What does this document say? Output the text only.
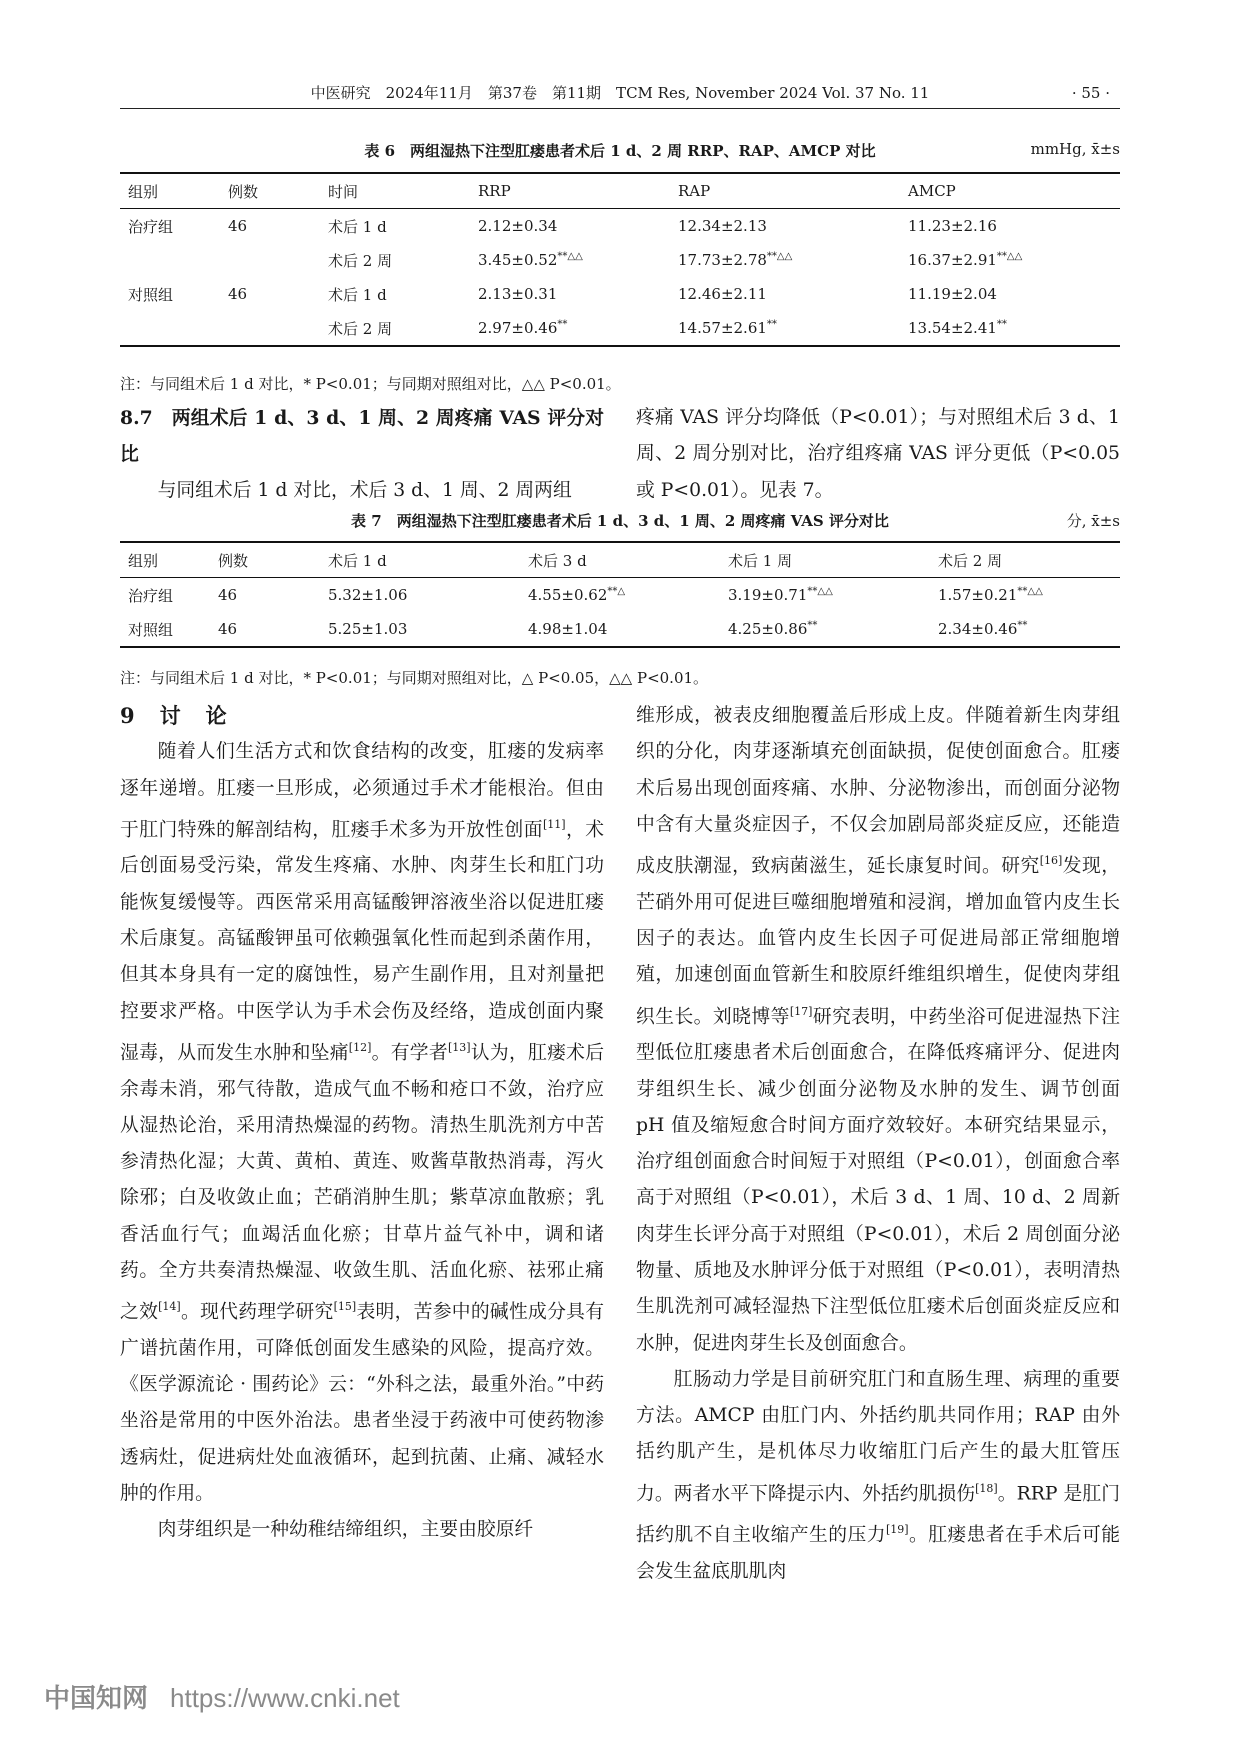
中医研究　2024年11月　第37卷　第11期　TCM Res, November 2024 Vol. 37 No. 11	· 55 ·
表 6　两组湿热下注型肛瘘患者术后 1 d、2 周 RRP、RAP、AMCP 对比	mmHg, x̄±s
组别	例数	时间	RRP	RAP	AMCP
治疗组	46	术后 1 d	2.12±0.34	12.34±2.13	11.23±2.16
		术后 2 周	3.45±0.52**△△	17.73±2.78**△△	16.37±2.91**△△
对照组	46	术后 1 d	2.13±0.31	12.46±2.11	11.19±2.04
		术后 2 周	2.97±0.46**	14.57±2.61**	13.54±2.41**
注：与同组术后 1 d 对比，* P<0.01；与同期对照组对比，△△ P<0.01。

8.7　两组术后 1 d、3 d、1 周、2 周疼痛 VAS 评分对比

与同组术后 1 d 对比，术后 3 d、1 周、2 周两组

疼痛 VAS 评分均降低（P<0.01）；与对照组术后 3 d、1 周、2 周分别对比，治疗组疼痛 VAS 评分更低（P<0.05 或 P<0.01）。见表 7。

表 7　两组湿热下注型肛瘘患者术后 1 d、3 d、1 周、2 周疼痛 VAS 评分对比	分, x̄±s
组别	例数	术后 1 d	术后 3 d	术后 1 周	术后 2 周
治疗组	46	5.32±1.06	4.55±0.62**△	3.19±0.71**△△	1.57±0.21**△△
对照组	46	5.25±1.03	4.98±1.04	4.25±0.86**	2.34±0.46**
注：与同组术后 1 d 对比，* P<0.01；与同期对照组对比，△ P<0.05，△△ P<0.01。

9　讨　论

随着人们生活方式和饮食结构的改变，肛瘘的发病率逐年递增。肛瘘一旦形成，必须通过手术才能根治。但由于肛门特殊的解剖结构，肛瘘手术多为开放性创面[11]，术后创面易受污染，常发生疼痛、水肿、肉芽生长和肛门功能恢复缓慢等。西医常采用高锰酸钾溶液坐浴以促进肛瘘术后康复。高锰酸钾虽可依赖强氧化性而起到杀菌作用，但其本身具有一定的腐蚀性，易产生副作用，且对剂量把控要求严格。中医学认为手术会伤及经络，造成创面内聚湿毒，从而发生水肿和坠痛[12]。有学者[13]认为，肛瘘术后余毒未消，邪气待散，造成气血不畅和疮口不敛，治疗应从湿热论治，采用清热燥湿的药物。清热生肌洗剂方中苦参清热化湿；大黄、黄柏、黄连、败酱草散热消毒，泻火除邪；白及收敛止血；芒硝消肿生肌；紫草凉血散瘀；乳香活血行气；血竭活血化瘀；甘草片益气补中，调和诸药。全方共奏清热燥湿、收敛生肌、活血化瘀、祛邪止痛之效[14]。现代药理学研究[15]表明，苦参中的碱性成分具有广谱抗菌作用，可降低创面发生感染的风险，提高疗效。《医学源流论 · 围药论》云：“外科之法，最重外治。”中药坐浴是常用的中医外治法。患者坐浸于药液中可使药物渗透病灶，促进病灶处血液循环，起到抗菌、止痛、减轻水肿的作用。

肉芽组织是一种幼稚结缔组织，主要由胶原纤

维形成，被表皮细胞覆盖后形成上皮。伴随着新生肉芽组织的分化，肉芽逐渐填充创面缺损，促使创面愈合。肛瘘术后易出现创面疼痛、水肿、分泌物渗出，而创面分泌物中含有大量炎症因子，不仅会加剧局部炎症反应，还能造成皮肤潮湿，致病菌滋生，延长康复时间。研究[16]发现，芒硝外用可促进巨噬细胞增殖和浸润，增加血管内皮生长因子的表达。血管内皮生长因子可促进局部正常细胞增殖，加速创面血管新生和胶原纤维组织增生，促使肉芽组织生长。刘晓博等[17]研究表明，中药坐浴可促进湿热下注型低位肛瘘患者术后创面愈合，在降低疼痛评分、促进肉芽组织生长、减少创面分泌物及水肿的发生、调节创面 pH 值及缩短愈合时间方面疗效较好。本研究结果显示，治疗组创面愈合时间短于对照组（P<0.01），创面愈合率高于对照组（P<0.01），术后 3 d、1 周、10 d、2 周新肉芽生长评分高于对照组（P<0.01），术后 2 周创面分泌物量、质地及水肿评分低于对照组（P<0.01），表明清热生肌洗剂可减轻湿热下注型低位肛瘘术后创面炎症反应和水肿，促进肉芽生长及创面愈合。

肛肠动力学是目前研究肛门和直肠生理、病理的重要方法。AMCP 由肛门内、外括约肌共同作用；RAP 由外括约肌产生，是机体尽力收缩肛门后产生的最大肛管压力。两者水平下降提示内、外括约肌损伤[18]。RRP 是肛门括约肌不自主收缩产生的压力[19]。肛瘘患者在手术后可能会发生盆底肌肌肉

中国知网 https://www.cnki.net
